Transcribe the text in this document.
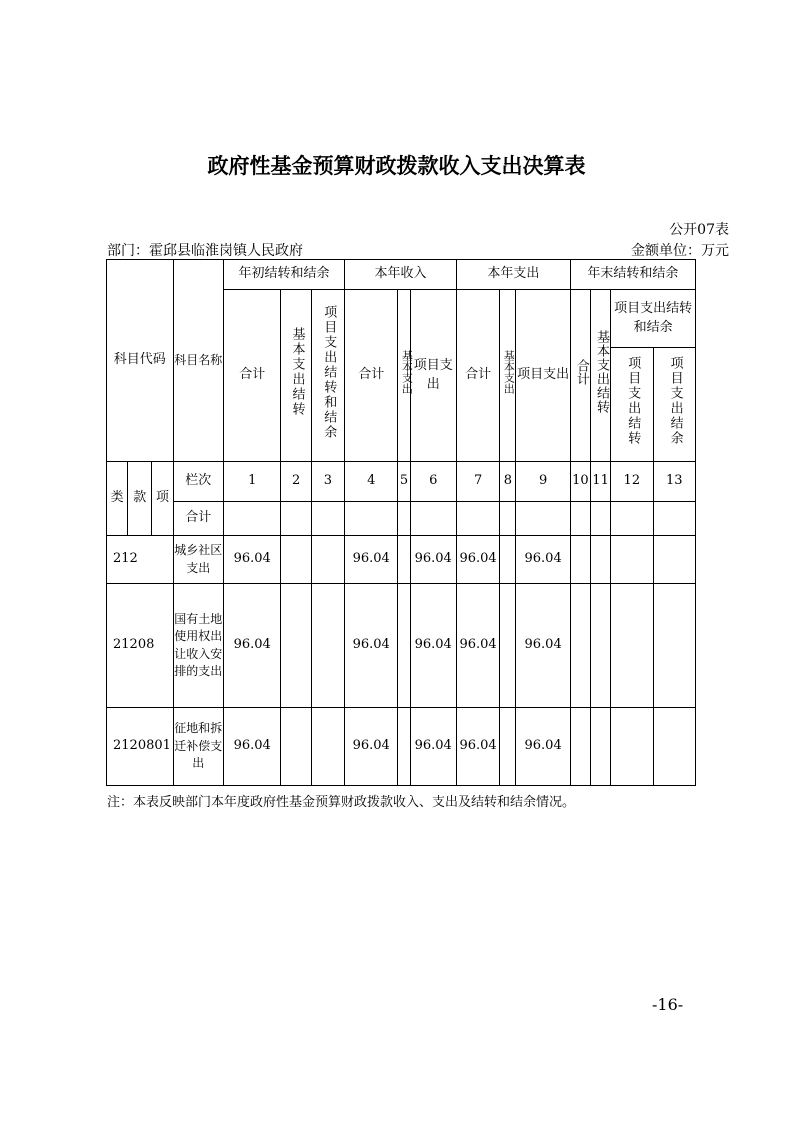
政府性基金预算财政拨款收入支出决算表
公开07表
部门：霍邱县临淮岗镇人民政府	金额单位：万元
科目代码			科目名称	年初结转和结余			本年收入			本年支出			年末结转和结余			
				合计	基本支出结转	项目支出结转和结余	合计	基本支出	项目支出	合计	基本支出	项目支出	合计	基本支出结转	项目支出结转和结余	
															项目支出结转	项目支出结余
类	款	项	栏次	1	2	3	4	5	6	7	8	9	10	11	12	13
			合计													
212			城乡社区支出	96.04			96.04		96.04	96.04		96.04				
21208			国有土地使用权出让收入安排的支出	96.04			96.04		96.04	96.04		96.04				
2120801			征地和拆迁补偿支出	96.04			96.04		96.04	96.04		96.04				
注：本表反映部门本年度政府性基金预算财政拨款收入、支出及结转和结余情况。
-16-
